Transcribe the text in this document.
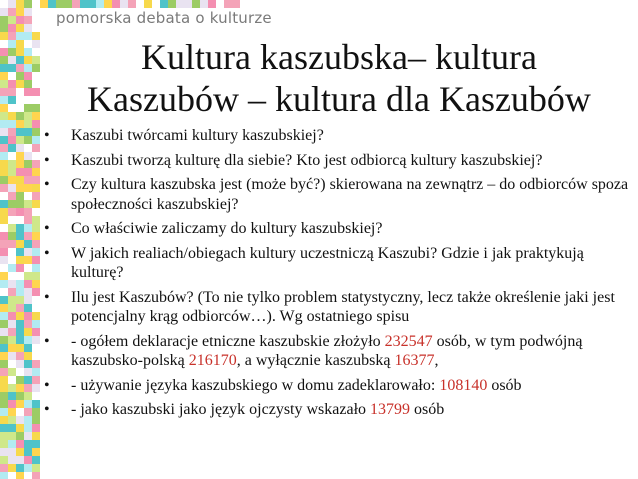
pomorska debata o kulturze
Kultura kaszubska– kultura
Kaszubów – kultura dla Kaszubów
• Kaszubi twórcami kultury kaszubskiej?
• Kaszubi tworzą kulturę dla siebie? Kto jest odbiorcą kultury kaszubskiej?
• Czy kultura kaszubska jest (może być?) skierowana na zewnątrz – do odbiorców spoza społeczności kaszubskiej?
• Co właściwie zaliczamy do kultury kaszubskiej?
• W jakich realiach/obiegach kultury uczestniczą Kaszubi? Gdzie i jak praktykują kulturę?
• Ilu jest Kaszubów? (To nie tylko problem statystyczny, lecz także określenie jaki jest potencjalny krąg odbiorców…). Wg ostatniego spisu
• - ogółem deklaracje etniczne kaszubskie złożyło 232547 osób, w tym podwójną kaszubsko-polską 216170, a wyłącznie kaszubską 16377,
• - używanie języka kaszubskiego w domu zadeklarowało: 108140 osób
• - jako kaszubski jako język ojczysty wskazało 13799 osób
